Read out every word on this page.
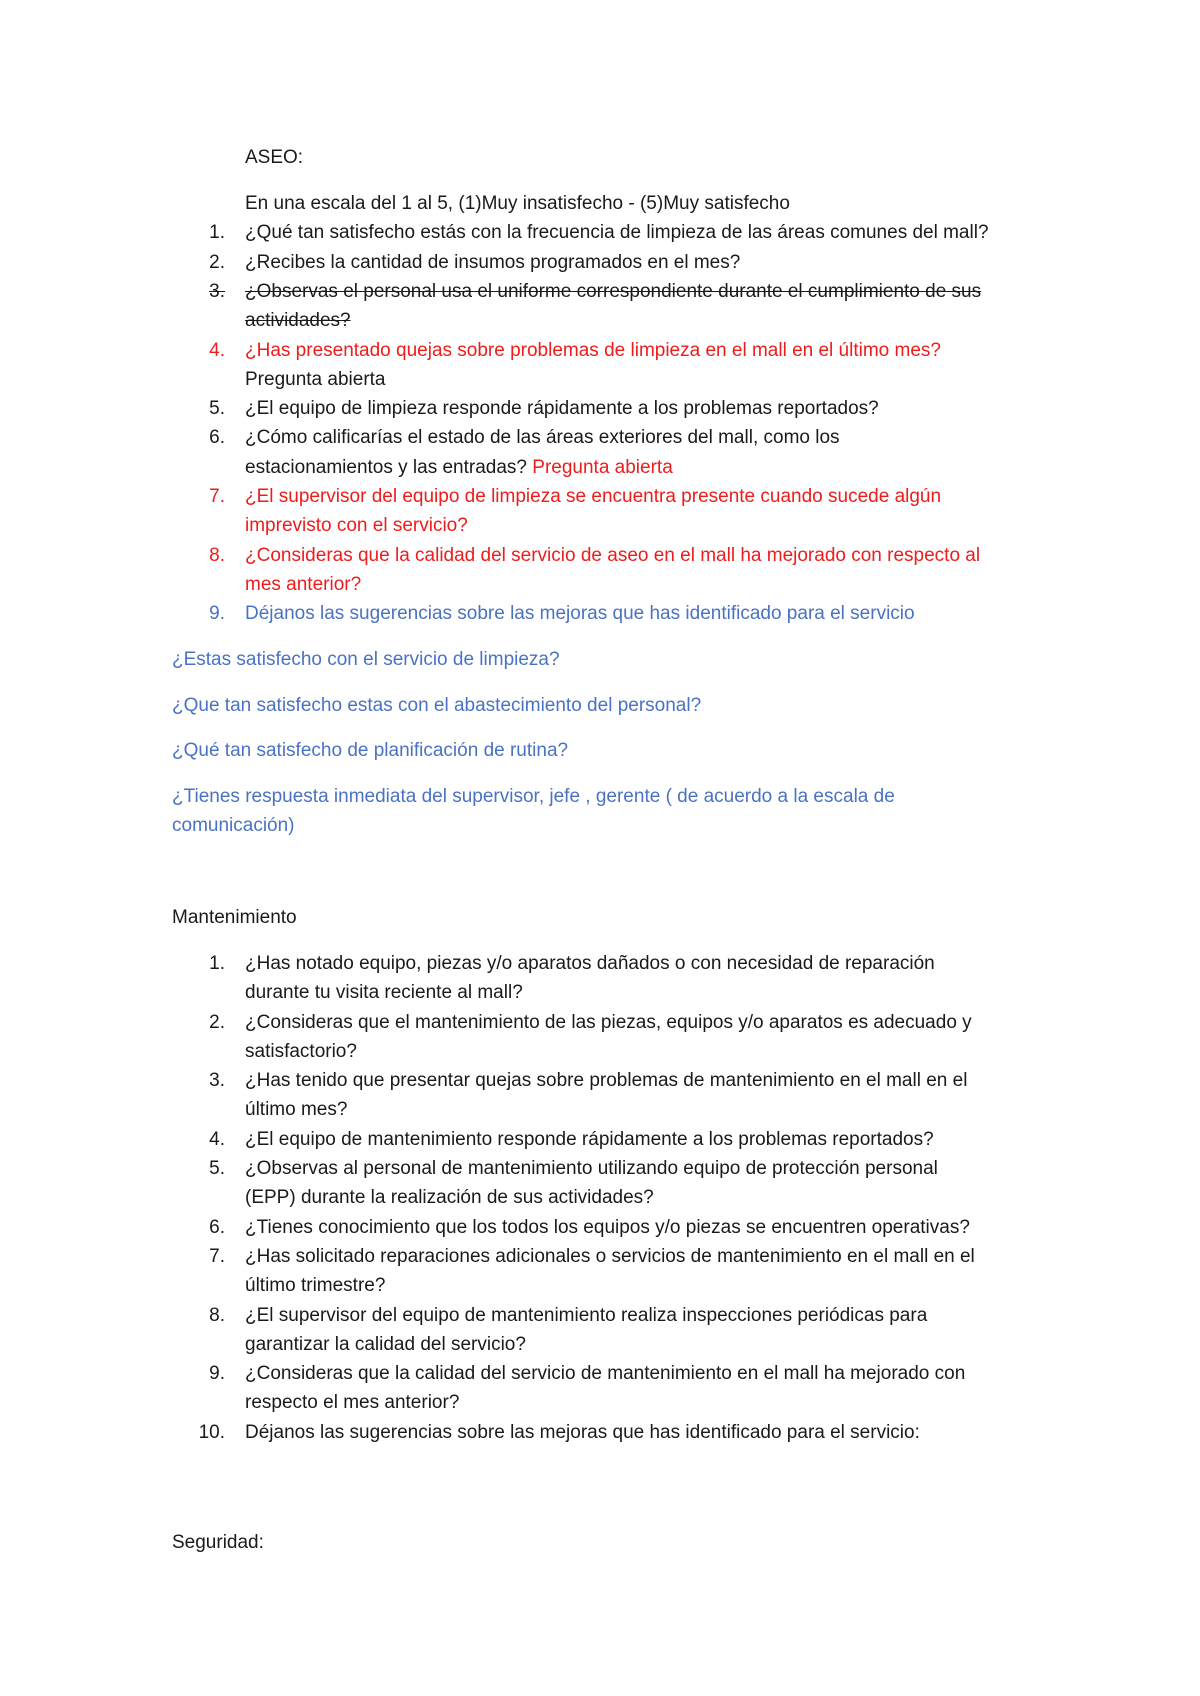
ASEO:
En una escala del 1 al 5, (1)Muy insatisfecho - (5)Muy satisfecho
1. ¿Qué tan satisfecho estás con la frecuencia de limpieza de las áreas comunes del mall?
2. ¿Recibes la cantidad de insumos programados en el mes?
3. ¿Observas el personal usa el uniforme correspondiente durante el cumplimiento de sus
actividades?
4. ¿Has presentado quejas sobre problemas de limpieza en el mall en el último mes?
Pregunta abierta
5. ¿El equipo de limpieza responde rápidamente a los problemas reportados?
6. ¿Cómo calificarías el estado de las áreas exteriores del mall, como los
estacionamientos y las entradas? Pregunta abierta
7. ¿El supervisor del equipo de limpieza se encuentra presente cuando sucede algún
imprevisto con el servicio?
8. ¿Consideras que la calidad del servicio de aseo en el mall ha mejorado con respecto al
mes anterior?
9. Déjanos las sugerencias sobre las mejoras que has identificado para el servicio
¿Estas satisfecho con el servicio de limpieza?
¿Que tan satisfecho estas con el abastecimiento del personal?
¿Qué tan satisfecho de planificación de rutina?
¿Tienes respuesta inmediata del supervisor, jefe , gerente ( de acuerdo a la escala de
comunicación)
Mantenimiento
1. ¿Has notado equipo, piezas y/o aparatos dañados o con necesidad de reparación
durante tu visita reciente al mall?
2. ¿Consideras que el mantenimiento de las piezas, equipos y/o aparatos es adecuado y
satisfactorio?
3. ¿Has tenido que presentar quejas sobre problemas de mantenimiento en el mall en el
último mes?
4. ¿El equipo de mantenimiento responde rápidamente a los problemas reportados?
5. ¿Observas al personal de mantenimiento utilizando equipo de protección personal
(EPP) durante la realización de sus actividades?
6. ¿Tienes conocimiento que los todos los equipos y/o piezas se encuentren operativas?
7. ¿Has solicitado reparaciones adicionales o servicios de mantenimiento en el mall en el
último trimestre?
8. ¿El supervisor del equipo de mantenimiento realiza inspecciones periódicas para
garantizar la calidad del servicio?
9. ¿Consideras que la calidad del servicio de mantenimiento en el mall ha mejorado con
respecto el mes anterior?
10. Déjanos las sugerencias sobre las mejoras que has identificado para el servicio:
Seguridad:
